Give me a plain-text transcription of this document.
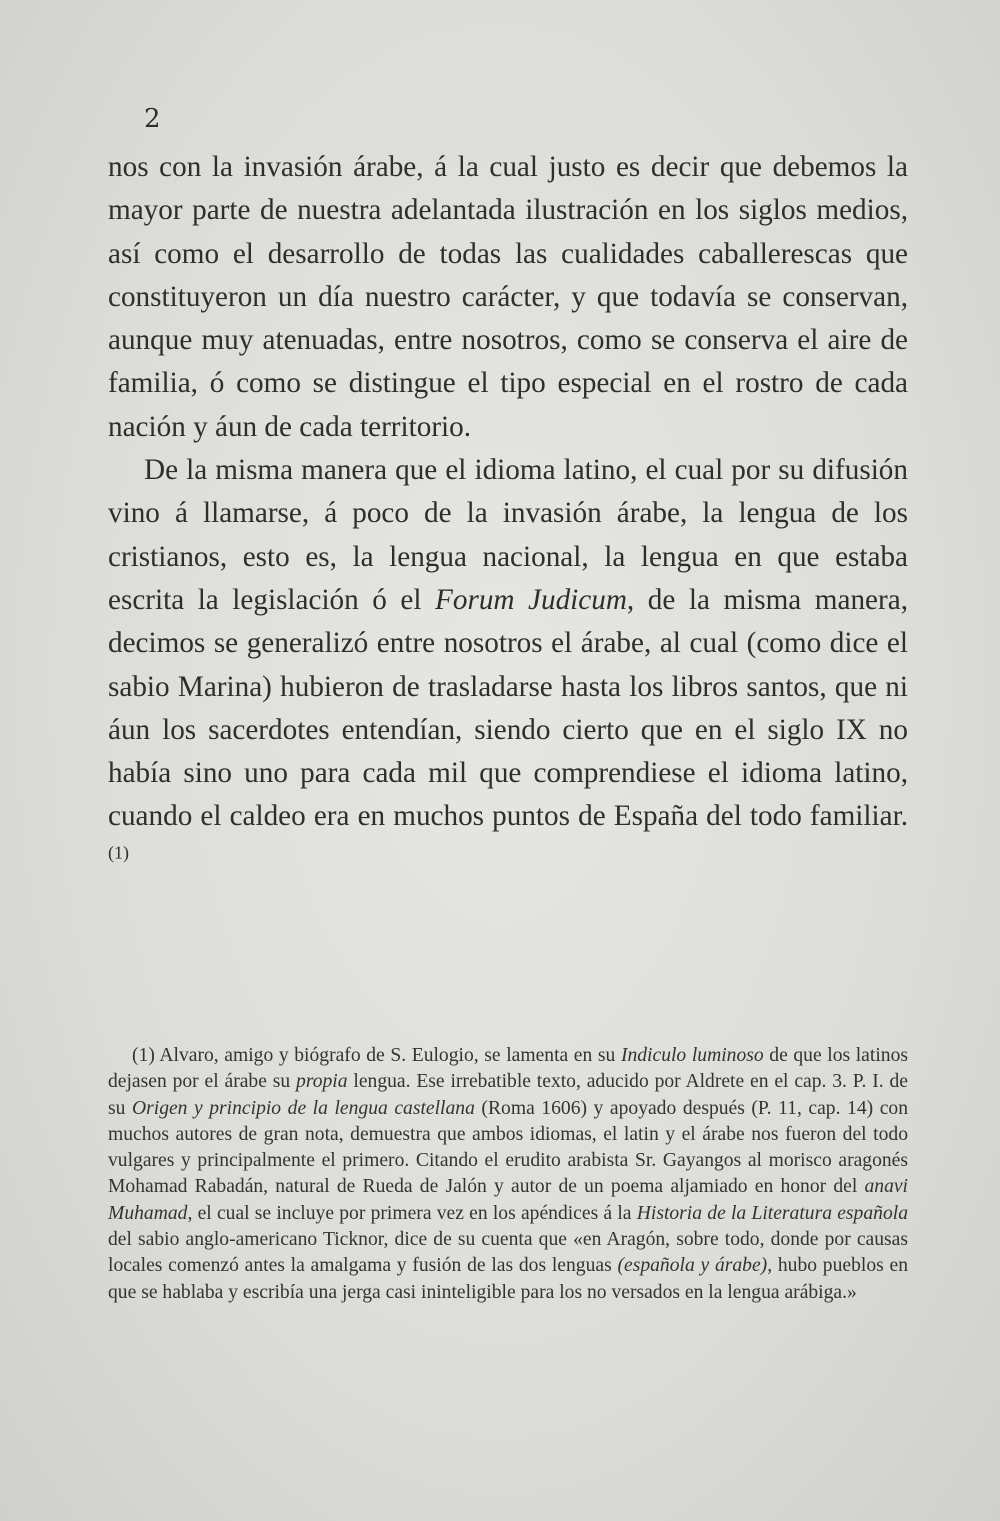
2

nos con la invasión árabe, á la cual justo es decir que debemos la mayor parte de nuestra adelantada ilustración en los siglos medios, así como el desarrollo de todas las cualidades caballerescas que constituyeron un día nuestro carácter, y que todavía se conservan, aunque muy atenuadas, entre nosotros, como se conserva el aire de familia, ó como se distingue el tipo especial en el rostro de cada nación y áun de cada territorio.

De la misma manera que el idioma latino, el cual por su difusión vino á llamarse, á poco de la invasión árabe, la lengua de los cristianos, esto es, la lengua nacional, la lengua en que estaba escrita la legislación ó el Forum Judicum, de la misma manera, decimos se generalizó entre nosotros el árabe, al cual (como dice el sabio Marina) hubieron de trasladarse hasta los libros santos, que ni áun los sacerdotes entendían, siendo cierto que en el siglo IX no había sino uno para cada mil que comprendiese el idioma latino, cuando el caldeo era en muchos puntos de España del todo familiar. $^{(1)}$

(1) Alvaro, amigo y biógrafo de S. Eulogio, se lamenta en su Indiculo luminoso de que los latinos dejasen por el árabe su propia lengua. Ese irrebatible texto, aducido por Aldrete en el cap. 3. P. I. de su Origen y principio de la lengua castellana (Roma 1606) y apoyado después (P. 11, cap. 14) con muchos autores de gran nota, demuestra que ambos idiomas, el latin y el árabe nos fueron del todo vulgares y principalmente el primero. Citando el erudito arabista Sr. Gayangos al morisco aragonés Mohamad Rabadán, natural de Rueda de Jalón y autor de un poema aljamiado en honor del anavi Muhamad, el cual se incluye por primera vez en los apéndices á la Historia de la Literatura española del sabio anglo-americano Ticknor, dice de su cuenta que «en Aragón, sobre todo, donde por causas locales comenzó antes la amalgama y fusión de las dos lenguas (española y árabe), hubo pueblos en que se hablaba y escribía una jerga casi ininteligible para los no versados en la lengua arábiga.»
